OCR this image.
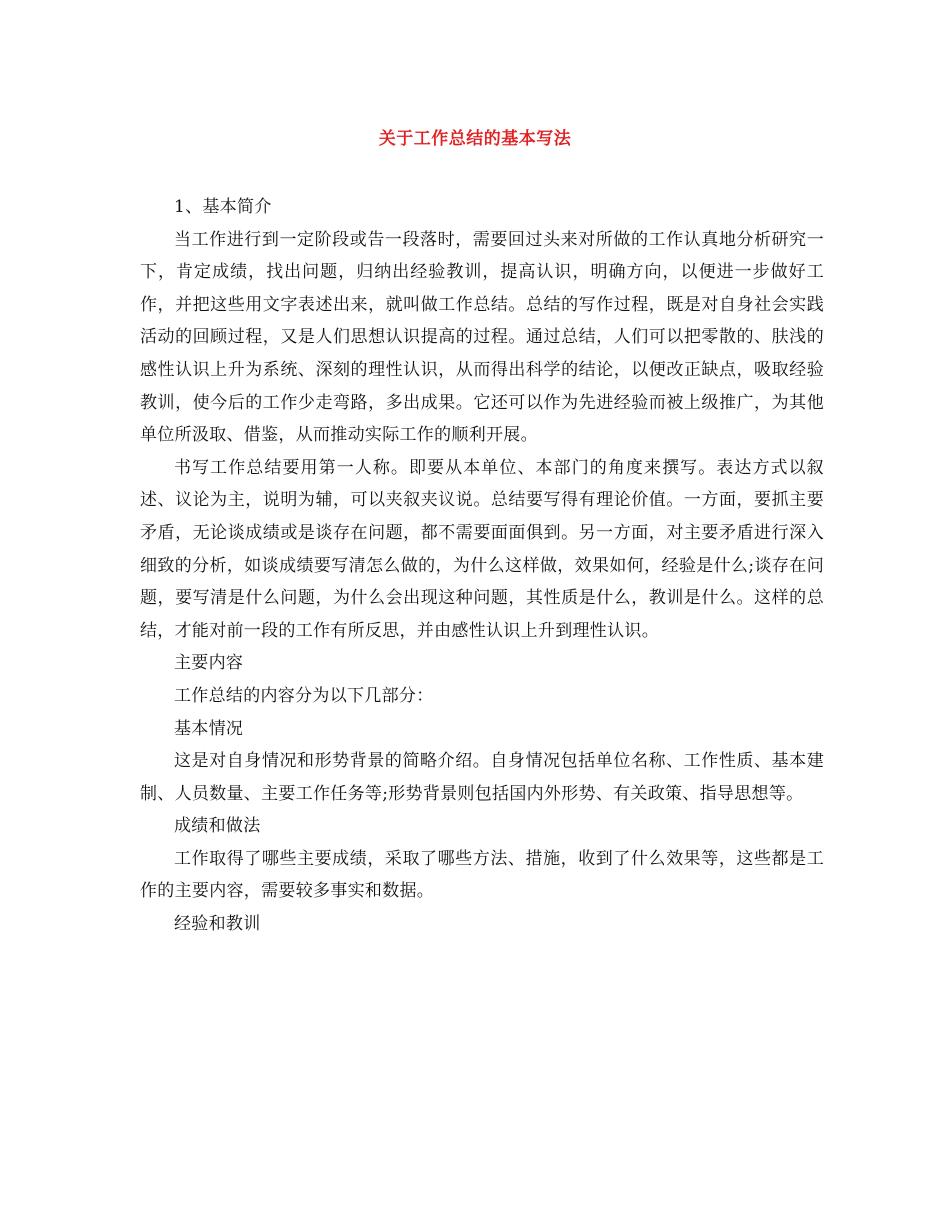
关于工作总结的基本写法

1、基本简介

当工作进行到一定阶段或告一段落时，需要回过头来对所做的工作认真地分析研究一下，肯定成绩，找出问题，归纳出经验教训，提高认识，明确方向，以便进一步做好工作，并把这些用文字表述出来，就叫做工作总结。总结的写作过程，既是对自身社会实践活动的回顾过程，又是人们思想认识提高的过程。通过总结，人们可以把零散的、肤浅的感性认识上升为系统、深刻的理性认识，从而得出科学的结论，以便改正缺点，吸取经验教训，使今后的工作少走弯路，多出成果。它还可以作为先进经验而被上级推广，为其他单位所汲取、借鉴，从而推动实际工作的顺利开展。

书写工作总结要用第一人称。即要从本单位、本部门的角度来撰写。表达方式以叙述、议论为主，说明为辅，可以夹叙夹议说。总结要写得有理论价值。一方面，要抓主要矛盾，无论谈成绩或是谈存在问题，都不需要面面俱到。另一方面，对主要矛盾进行深入细致的分析，如谈成绩要写清怎么做的，为什么这样做，效果如何，经验是什么;谈存在问题，要写清是什么问题，为什么会出现这种问题，其性质是什么，教训是什么。这样的总结，才能对前一段的工作有所反思，并由感性认识上升到理性认识。

主要内容

工作总结的内容分为以下几部分：

基本情况

这是对自身情况和形势背景的简略介绍。自身情况包括单位名称、工作性质、基本建制、人员数量、主要工作任务等;形势背景则包括国内外形势、有关政策、指导思想等。

成绩和做法

工作取得了哪些主要成绩，采取了哪些方法、措施，收到了什么效果等，这些都是工作的主要内容，需要较多事实和数据。

经验和教训
